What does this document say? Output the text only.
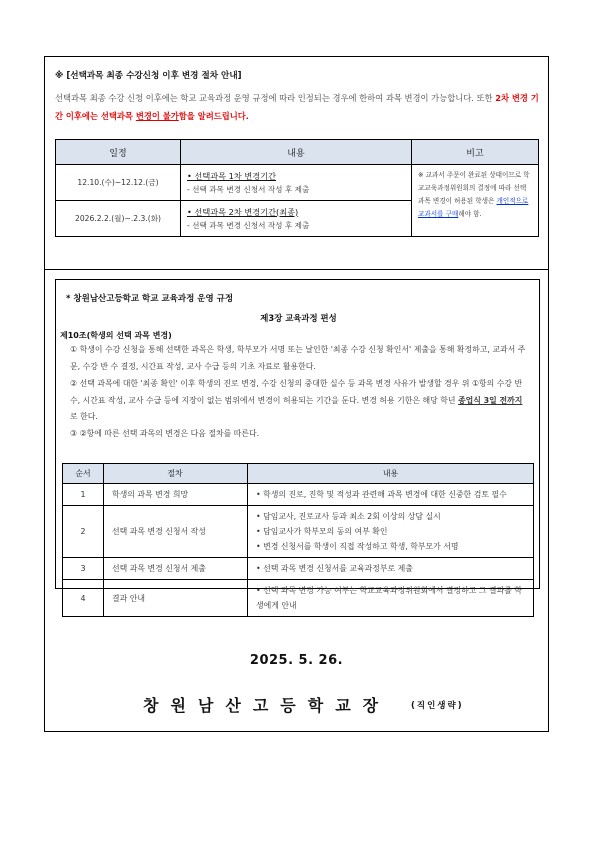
※ [선택과목 최종 수강신청 이후 변경 절차 안내]
선택과목 최종 수강 신청 이후에는 학교 교육과정 운영 규정에 따라 인정되는 경우에 한하여 과목 변경이 가능합니다. 또한 2차 변경 기간 이후에는 선택과목 변경이 불가함을 알려드립니다.
일정	내용	비고
12.10.(수)~12.12.(금)	• 선택과목 1차 변경기간
- 선택 과목 변경 신청서 작성 후 제출	※ 교과서 주문이 완료된 상태이므로 학교교육과정위원회의 결정에 따라 선택과목 변경이 허용된 학생은 개인적으로 교과서를 구매해야 함.
2026.2.2.(월)~.2.3.(화)	• 선택과목 2차 변경기간(최종)
- 선택 과목 변경 신청서 작성 후 제출	
* 창원남산고등학교 학교 교육과정 운영 규정
제3장 교육과정 편성
제10조(학생의 선택 과목 변경)
① 학생이 수강 신청을 통해 선택한 과목은 학생, 학부모가 서명 또는 날인한 '최종 수강 신청 확인서' 제출을 통해 확정하고, 교과서 주문, 수강 반 수 결정, 시간표 작성, 교사 수급 등의 기초 자료로 활용한다.
② 선택 과목에 대한 '최종 확인' 이후 학생의 진로 변경, 수강 신청의 중대한 실수 등 과목 변경 사유가 발생할 경우 위 ①항의 수강 반 수, 시간표 작성, 교사 수급 등에 지장이 없는 범위에서 변경이 허용되는 기간을 둔다. 변경 허용 기한은 해당 학년 종업식 3일 전까지로 한다.
③ ②항에 따른 선택 과목의 변경은 다음 절차를 따른다.
순서	절차	내용
1	학생의 과목 변경 희망	• 학생의 진로, 진학 및 적성과 관련해 과목 변경에 대한 신중한 검토 필수

2	선택 과목 변경 신청서 작성	• 담임교사, 진로교사 등과 최소 2회 이상의 상담 실시
• 담임교사가 학부모의 동의 여부 확인
• 변경 신청서를 학생이 직접 작성하고 학생, 학부모가 서명

3	선택 과목 변경 신청서 제출	• 선택 과목 변경 신청서를 교육과정부로 제출

4	결과 안내	• 선택 과목 변경 가능 여부는 학교교육과정위원회에서 결정하고 그 결과를 학생에게 안내
2025. 5. 26.
창원남산고등학교장 (직인생략)
